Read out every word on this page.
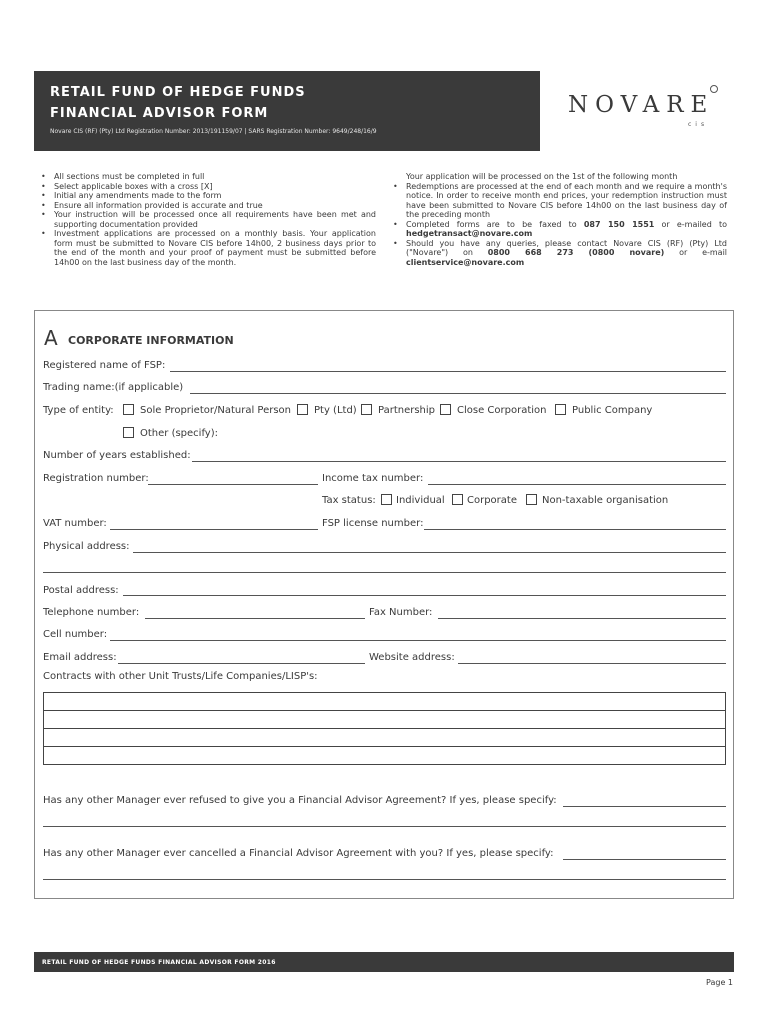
RETAIL FUND OF HEDGE FUNDS
FINANCIAL ADVISOR FORM
Novare CIS (RF) (Pty) Ltd Registration Number: 2013/191159/07 | SARS Registration Number: 9649/248/16/9
NOVARE
cis
• All sections must be completed in full
• Select applicable boxes with a cross [X]
• Initial any amendments made to the form
• Ensure all information provided is accurate and true
• Your instruction will be processed once all requirements have been met and supporting documentation provided
• Investment applications are processed on a monthly basis. Your application form must be submitted to Novare CIS before 14h00, 2 business days prior to the end of the month and your proof of payment must be submitted before 14h00 on the last business day of the month.
Your application will be processed on the 1st of the following month
• Redemptions are processed at the end of each month and we require a month's notice. In order to receive month end prices, your redemption instruction must have been submitted to Novare CIS before 14h00 on the last business day of the preceding month
• Completed forms are to be faxed to 087 150 1551 or e-mailed to hedgetransact@novare.com
• Should you have any queries, please contact Novare CIS (RF) (Pty) Ltd ("Novare") on 0800 668 273 (0800 novare) or e-mail clientservice@novare.com
A CORPORATE INFORMATION
Registered name of FSP:
Trading name:(if applicable)
Type of entity:	Sole Proprietor/Natural Person Pty (Ltd) Partnership Close Corporation	Public Company
Other (specify):
Number of years established:
Registration number:	Income tax number:
Tax status: Individual Corporate	Non-taxable organisation
VAT number:	FSP license number:
Physical address:
Postal address:
Telephone number:	Fax Number:
Cell number:
Email address:	Website address:
Contracts with other Unit Trusts/Life Companies/LISP's:
Has any other Manager ever refused to give you a Financial Advisor Agreement? If yes, please specify:
Has any other Manager ever cancelled a Financial Advisor Agreement with you? If yes, please specify:
RETAIL FUND OF HEDGE FUNDS FINANCIAL ADVISOR FORM 2016
Page 1
